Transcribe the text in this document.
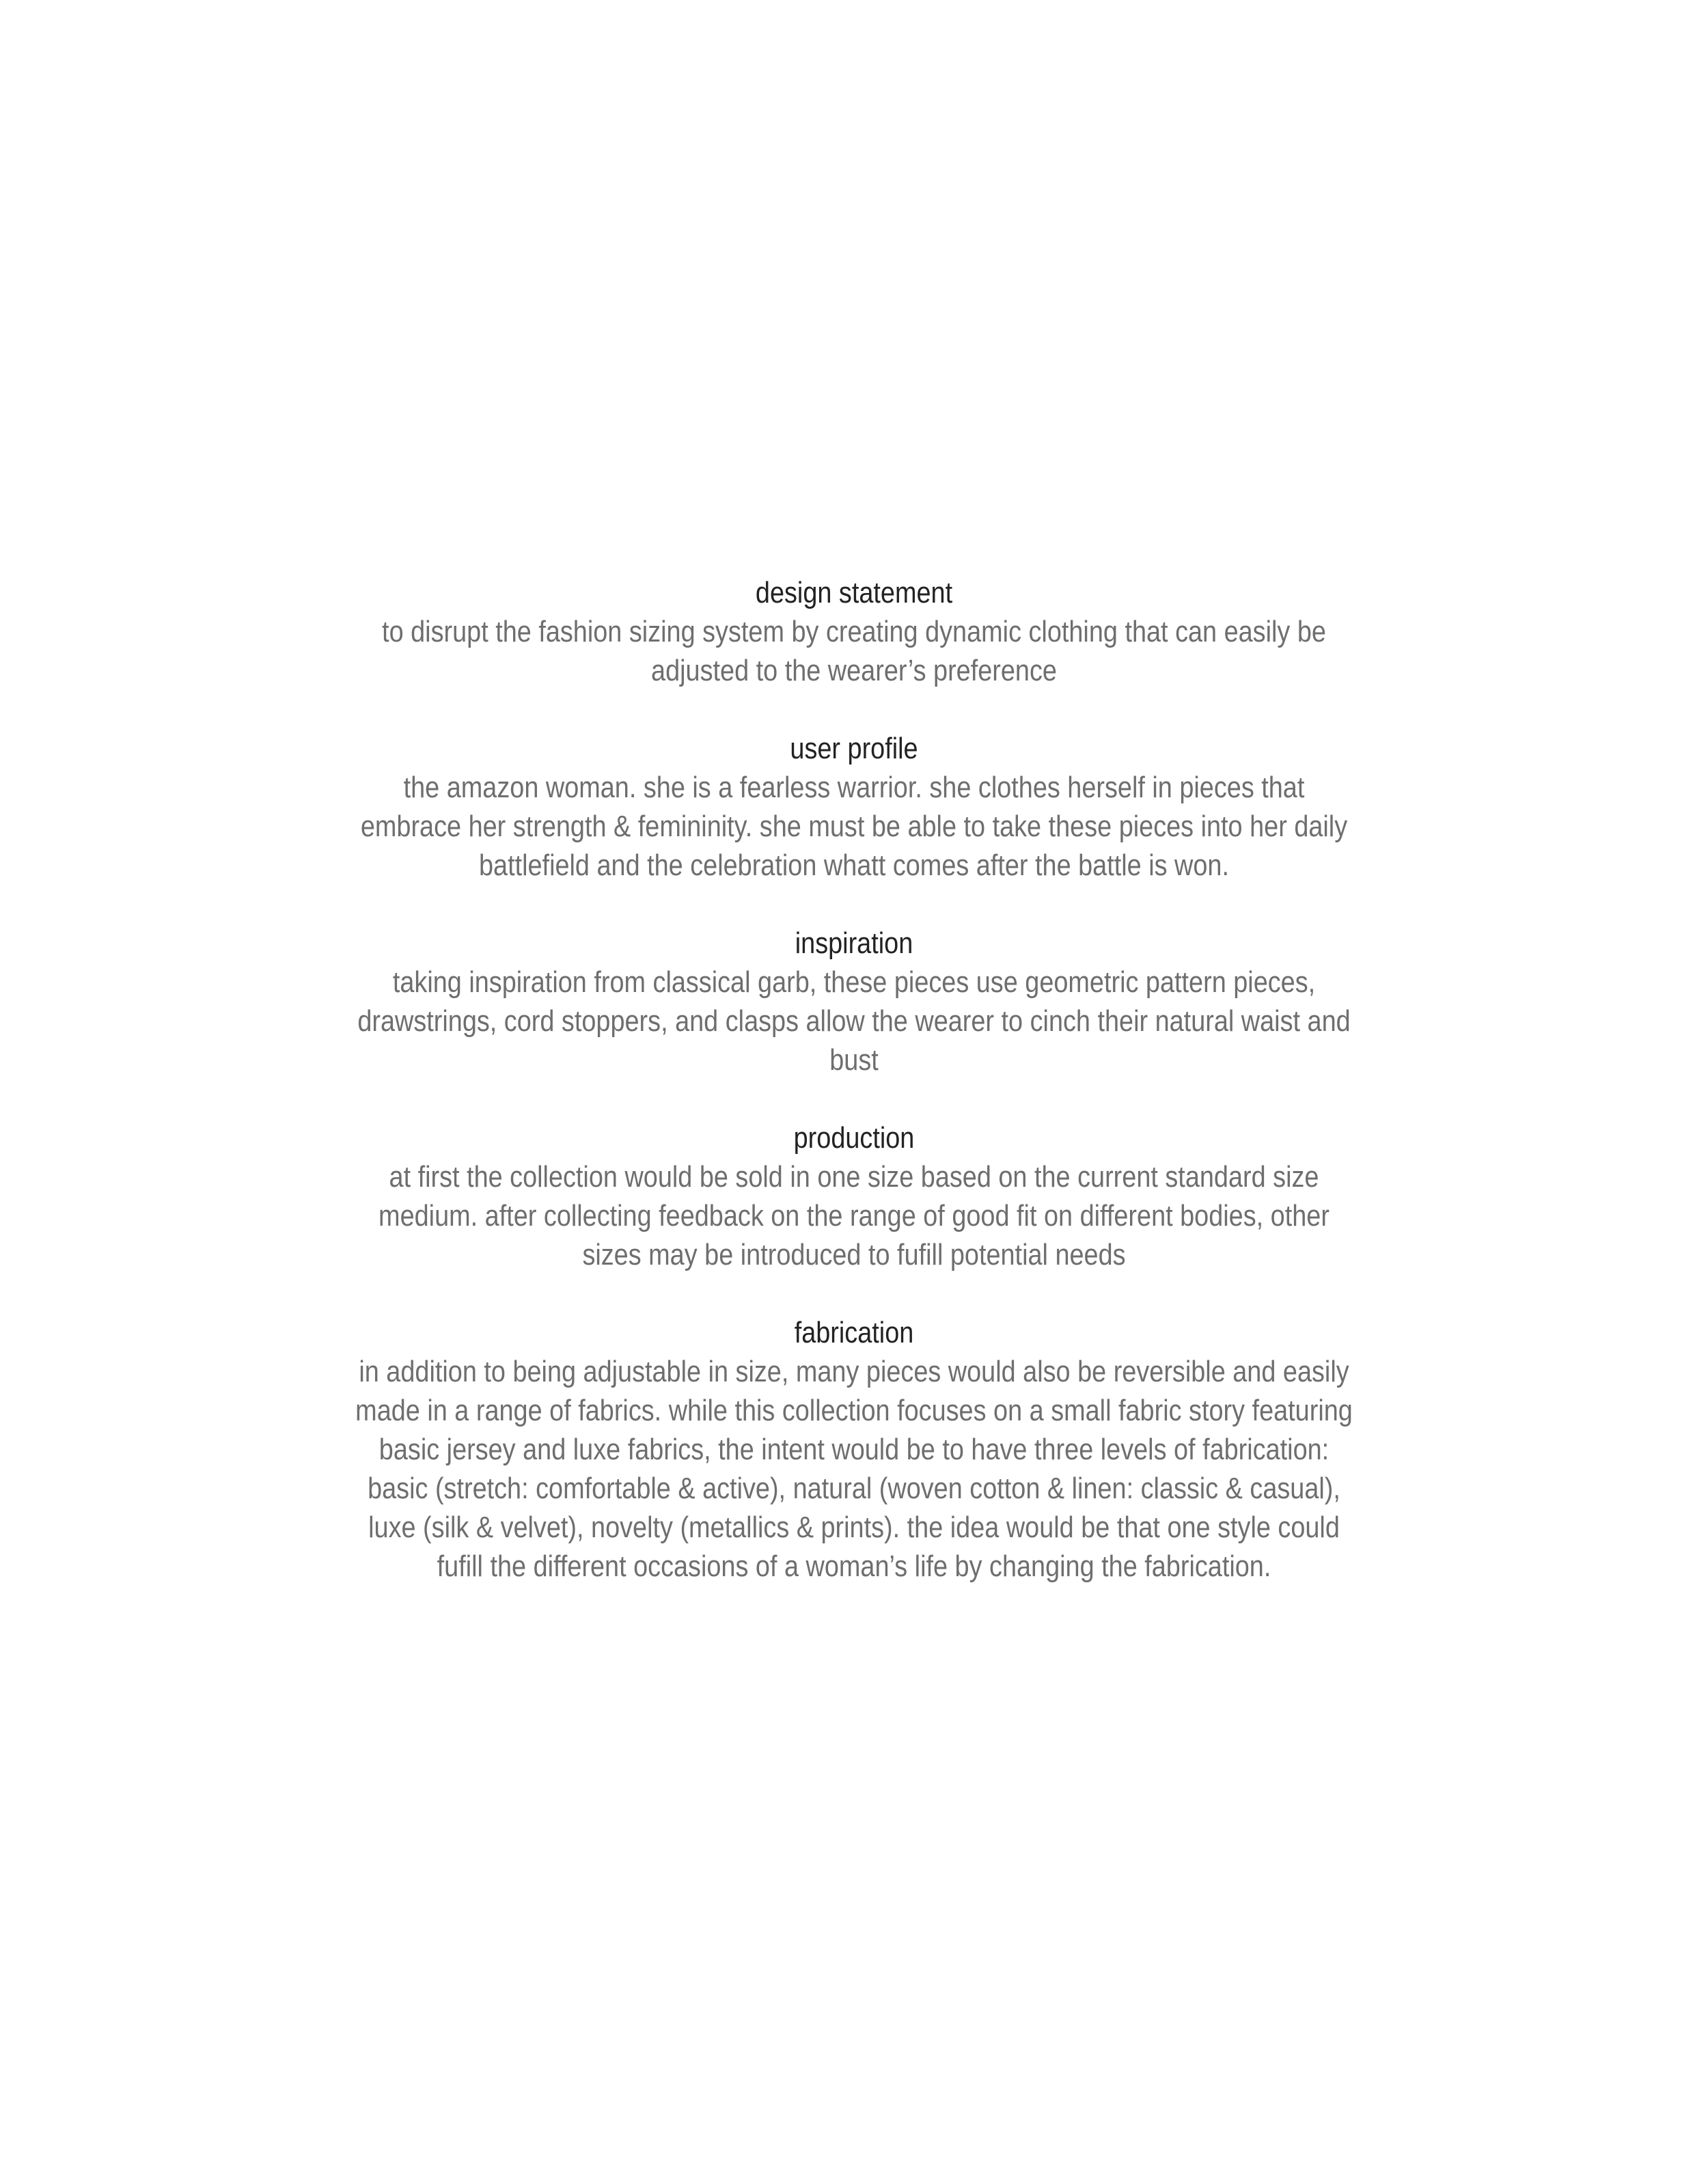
design statement

to disrupt the fashion sizing system by creating dynamic clothing that can easily be adjusted to the wearer’s preference

user profile

the amazon woman. she is a fearless warrior. she clothes herself in pieces that embrace her strength & femininity. she must be able to take these pieces into her daily battlefield and the celebration whatt comes after the battle is won.

inspiration

taking inspiration from classical garb, these pieces use geometric pattern pieces, drawstrings, cord stoppers, and clasps allow the wearer to cinch their natural waist and bust

production

at first the collection would be sold in one size based on the current standard size medium. after collecting feedback on the range of good fit on different bodies, other sizes may be introduced to fufill potential needs

fabrication

in addition to being adjustable in size, many pieces would also be reversible and easily made in a range of fabrics. while this collection focuses on a small fabric story featuring basic jersey and luxe fabrics, the intent would be to have three levels of fabrication: basic (stretch: comfortable & active), natural (woven cotton & linen: classic & casual), luxe (silk & velvet), novelty (metallics & prints). the idea would be that one style could fufill the different occasions of a woman’s life by changing the fabrication.
